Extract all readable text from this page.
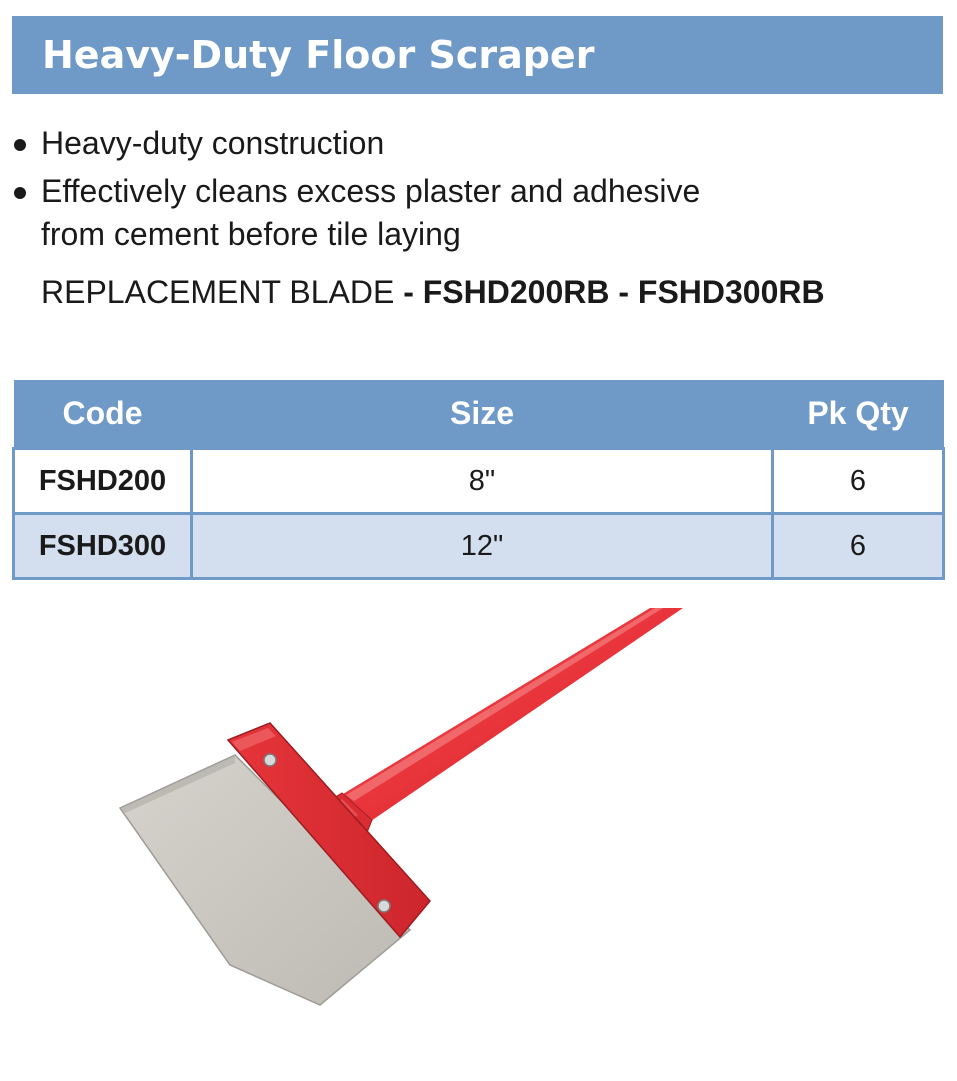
Heavy-Duty Floor Scraper
Heavy-duty construction
Effectively cleans excess plaster and adhesive from cement before tile laying
REPLACEMENT BLADE - FSHD200RB - FSHD300RB
Code	Size	Pk Qty
FSHD200	8"	6
FSHD300	12"	6
